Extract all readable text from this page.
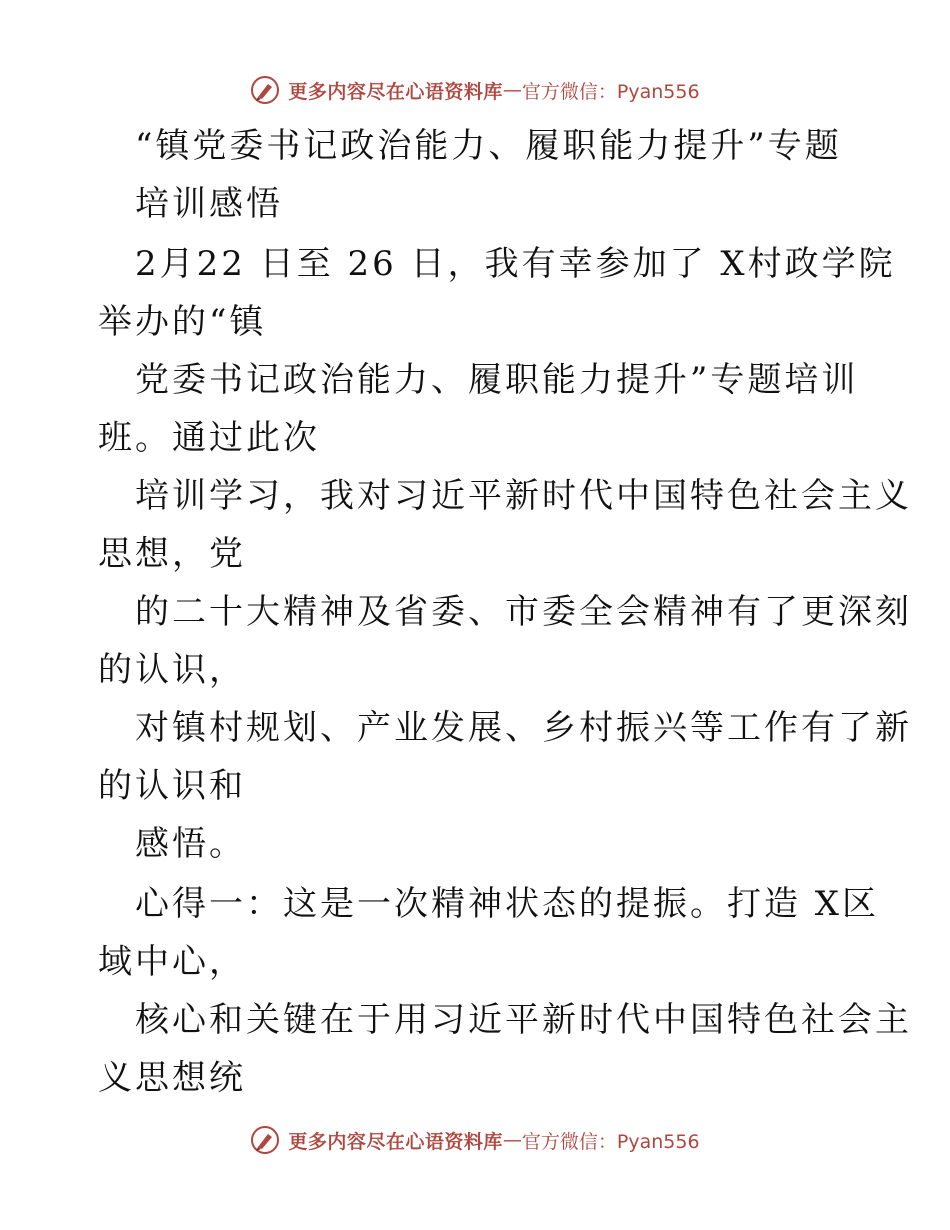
更多内容尽在心语资料库 — 官方微信：Pyan556
“镇党委书记政治能力、履职能力提升”专题
培训感悟
2月22 日至 26 日，我有幸参加了 X村政学院
举办的“镇
党委书记政治能力、履职能力提升”专题培训
班。通过此次
培训学习，我对习近平新时代中国特色社会主义
思想，党
的二十大精神及省委、市委全会精神有了更深刻
的认识，
对镇村规划、产业发展、乡村振兴等工作有了新
的认识和
感悟。
心得一：这是一次精神状态的提振。打造 X区
域中心，
核心和关键在于用习近平新时代中国特色社会主
义思想统
更多内容尽在心语资料库 — 官方微信：Pyan556
